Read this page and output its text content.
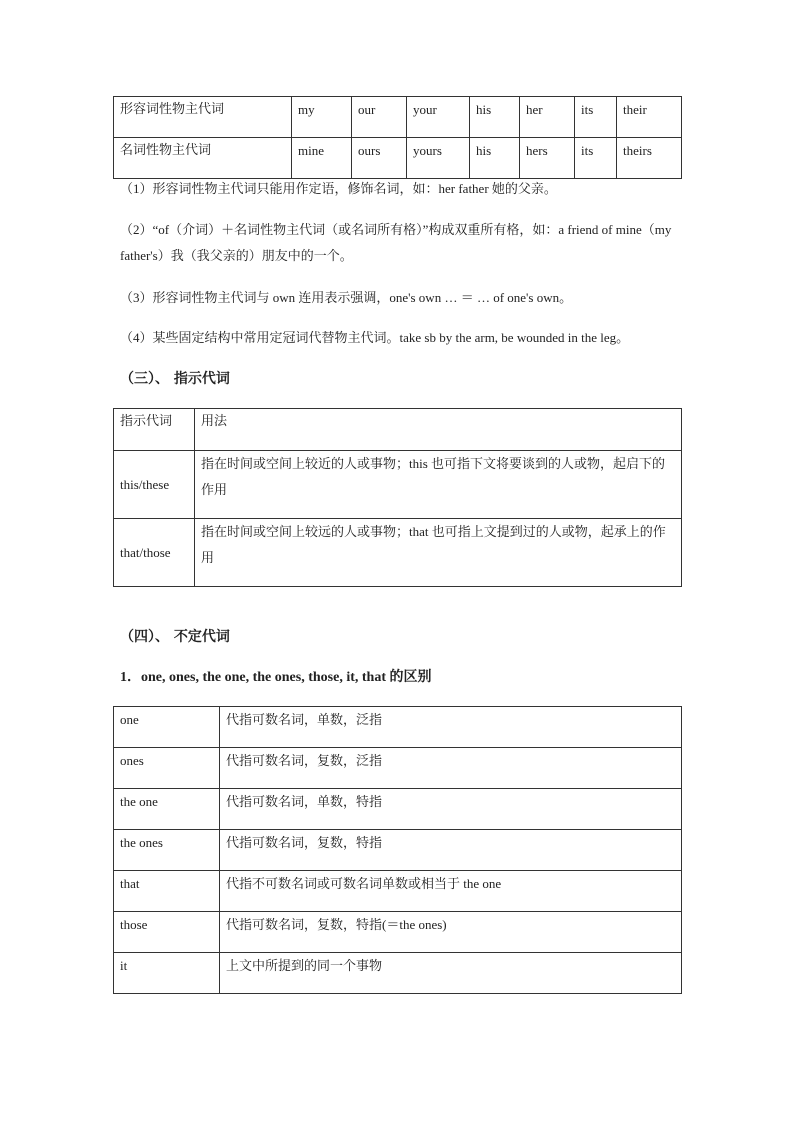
形容词性物主代词	my	our	your	his	her	its	their
名词性物主代词	mine	ours	yours	his	hers	its	theirs
（1）形容词性物主代词只能用作定语，修饰名词，如：her father 她的父亲。
（2）“of（介词）＋名词性物主代词（或名词所有格）”构成双重所有格，如：a friend of mine（my father's）我（我父亲的）朋友中的一个。
（3）形容词性物主代词与 own 连用表示强调，one's own … ＝ … of one's own。
（4）某些固定结构中常用定冠词代替物主代词。take sb by the arm, be wounded in the leg。
（三）、 指示代词
指示代词	用法
this/these	指在时间或空间上较近的人或事物；this 也可指下文将要谈到的人或物，起启下的作用
that/those	指在时间或空间上较远的人或事物；that 也可指上文提到过的人或物，起承上的作用
（四）、 不定代词
1．one, ones, the one, the ones, those, it, that 的区别
one	代指可数名词，单数，泛指
ones	代指可数名词，复数，泛指
the one	代指可数名词，单数，特指
the ones	代指可数名词，复数，特指
that	代指不可数名词或可数名词单数或相当于 the one
those	代指可数名词，复数，特指(＝the ones)
it	上文中所提到的同一个事物
